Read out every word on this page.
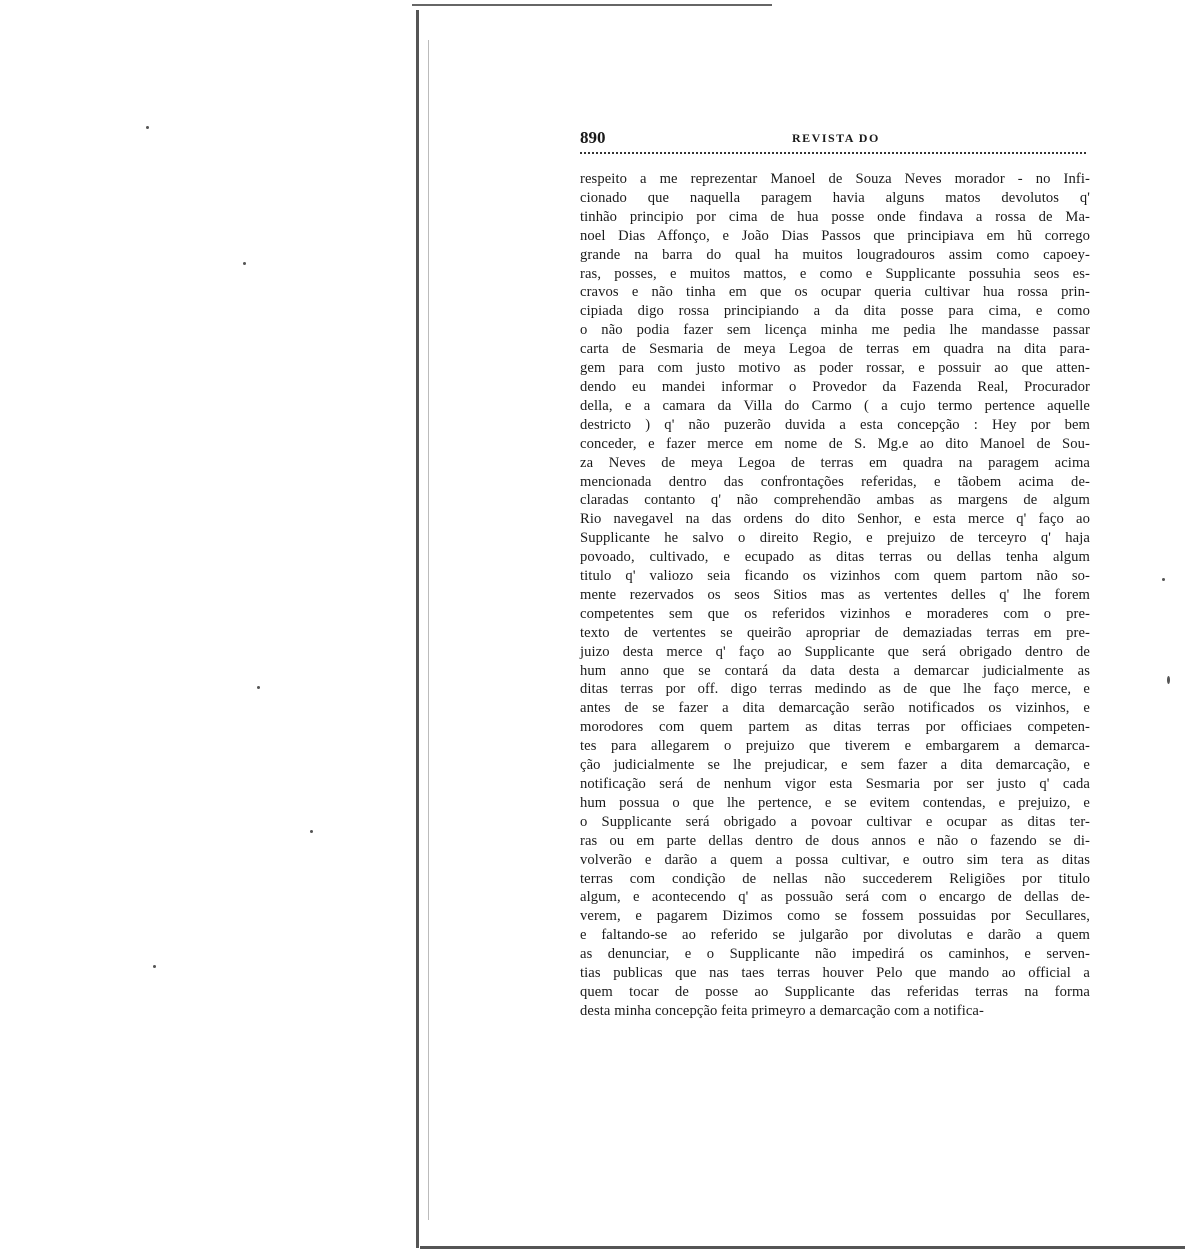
890	REVISTA DO
respeito a me reprezentar Manoel de Souza Neves morador - no Infi-
cionado que naquella paragem havia alguns matos devolutos q'
tinhão principio por cima de hua posse onde findava a rossa de Ma-
noel Dias Affonço, e João Dias Passos que principiava em hũ corrego
grande na barra do qual ha muitos lougradouros assim como capoey-
ras, posses, e muitos mattos, e como e Supplicante possuhia seos es-
cravos e não tinha em que os ocupar queria cultivar hua rossa prin-
cipiada digo rossa principiando a da dita posse para cima, e como
o não podia fazer sem licença minha me pedia lhe mandasse passar
carta de Sesmaria de meya Legoa de terras em quadra na dita para-
gem para com justo motivo as poder rossar, e possuir ao que atten-
dendo eu mandei informar o Provedor da Fazenda Real, Procurador
della, e a camara da Villa do Carmo ( a cujo termo pertence aquelle
destricto ) q' não puzerão duvida a esta concepção : Hey por bem
conceder, e fazer merce em nome de S. Mg.e ao dito Manoel de Sou-
za Neves de meya Legoa de terras em quadra na paragem acima
mencionada dentro das confrontações referidas, e tãobem acima de-
claradas contanto q' não comprehendão ambas as margens de algum
Rio navegavel na das ordens do dito Senhor, e esta merce q' faço ao
Supplicante he salvo o direito Regio, e prejuizo de terceyro q' haja
povoado, cultivado, e ecupado as ditas terras ou dellas tenha algum
titulo q' valiozo seia ficando os vizinhos com quem partom não so-
mente rezervados os seos Sitios mas as vertentes delles q' lhe forem
competentes sem que os referidos vizinhos e moraderes com o pre-
texto de vertentes se queirão apropriar de demaziadas terras em pre-
juizo desta merce q' faço ao Supplicante que será obrigado dentro de
hum anno que se contará da data desta a demarcar judicialmente as
ditas terras por off. digo terras medindo as de que lhe faço merce, e
antes de se fazer a dita demarcação serão notificados os vizinhos, e
morodores com quem partem as ditas terras por officiaes competen-
tes para allegarem o prejuizo que tiverem e embargarem a demarca-
ção judicialmente se lhe prejudicar, e sem fazer a dita demarcação, e
notificação será de nenhum vigor esta Sesmaria por ser justo q' cada
hum possua o que lhe pertence, e se evitem contendas, e prejuizo, e
o Supplicante será obrigado a povoar cultivar e ocupar as ditas ter-
ras ou em parte dellas dentro de dous annos e não o fazendo se di-
volverão e darão a quem a possa cultivar, e outro sim tera as ditas
terras com condição de nellas não succederem Religiões por titulo
algum, e acontecendo q' as possuão será com o encargo de dellas de-
verem, e pagarem Dizimos como se fossem possuidas por Secullares,
e faltando-se ao referido se julgarão por divolutas e darão a quem
as denunciar, e o Supplicante não impedirá os caminhos, e serven-
tias publicas que nas taes terras houver Pelo que mando ao official a
quem tocar de posse ao Supplicante das referidas terras na forma
desta minha concepção feita primeyro a demarcação com a notifica-
